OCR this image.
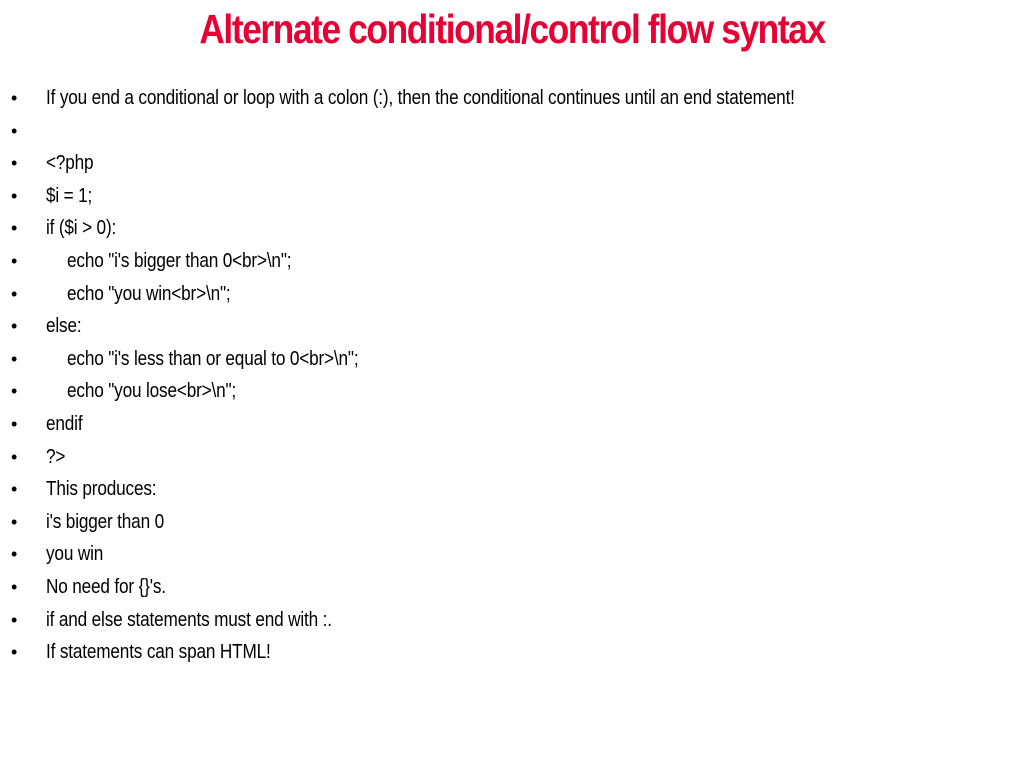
Alternate conditional/control flow syntax
• If you end a conditional or loop with a colon (:), then the conditional continues until an end statement!
•
• <?php
• $i = 1;
• if ($i > 0):
• echo "i's bigger than 0<br>\n";
• echo "you win<br>\n";
• else:
• echo "i's less than or equal to 0<br>\n";
• echo "you lose<br>\n";
• endif
• ?>
• This produces:
• i's bigger than 0
• you win
• No need for {}'s.
• if and else statements must end with :.
• If statements can span HTML!
